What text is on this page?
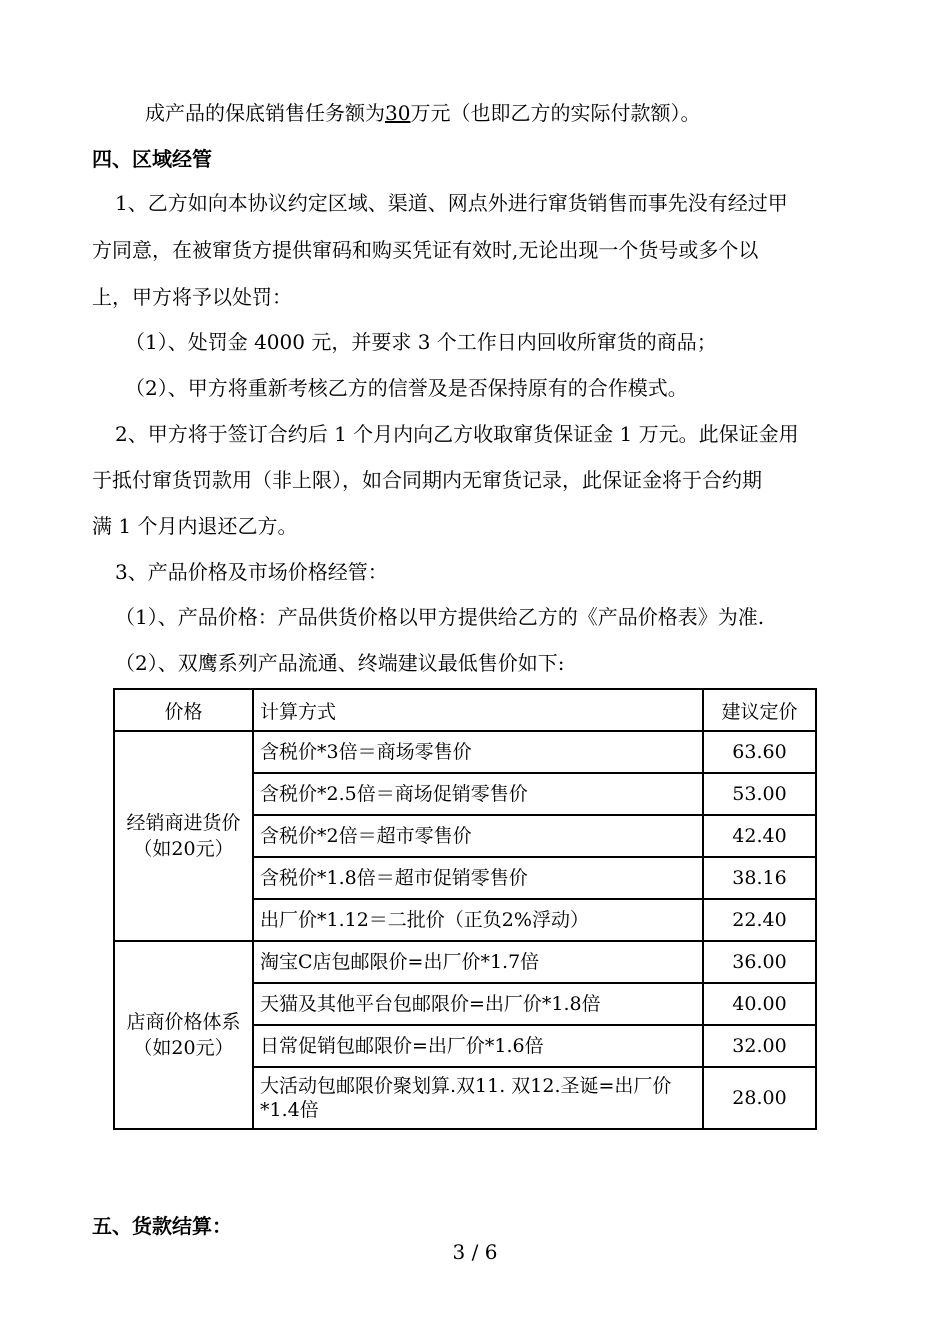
成产品的保底销售任务额为30万元（也即乙方的实际付款额）。
四、区域经管
1、乙方如向本协议约定区域、渠道、网点外进行窜货销售而事先没有经过甲
方同意，在被窜货方提供窜码和购买凭证有效时,无论出现一个货号或多个以
上，甲方将予以处罚：
（1）、处罚金 4000 元，并要求 3 个工作日内回收所窜货的商品；
（2）、甲方将重新考核乙方的信誉及是否保持原有的合作模式。
2、甲方将于签订合约后 1 个月内向乙方收取窜货保证金 1 万元。此保证金用
于抵付窜货罚款用（非上限），如合同期内无窜货记录，此保证金将于合约期
满 1 个月内退还乙方。
3、产品价格及市场价格经管：
（1）、产品价格：产品供货价格以甲方提供给乙方的《产品价格表》为准.
（2）、双鹰系列产品流通、终端建议最低售价如下:
价格	计算方式	建议定价

经销商进货价
（如20元）	含税价*3倍＝商场零售价	63.60
	含税价*2.5倍＝商场促销零售价	53.00
	含税价*2倍＝超市零售价	42.40
	含税价*1.8倍＝超市促销零售价	38.16
	出厂价*1.12＝二批价（正负2%浮动）	22.40

店商价格体系
（如20元）	淘宝C店包邮限价=出厂价*1.7倍	36.00
	天猫及其他平台包邮限价=出厂价*1.8倍	40.00
	日常促销包邮限价=出厂价*1.6倍	32.00
	大活动包邮限价聚划算.双11. 双12.圣诞=出厂价*1.4倍	28.00
五、货款结算：
3 / 6
